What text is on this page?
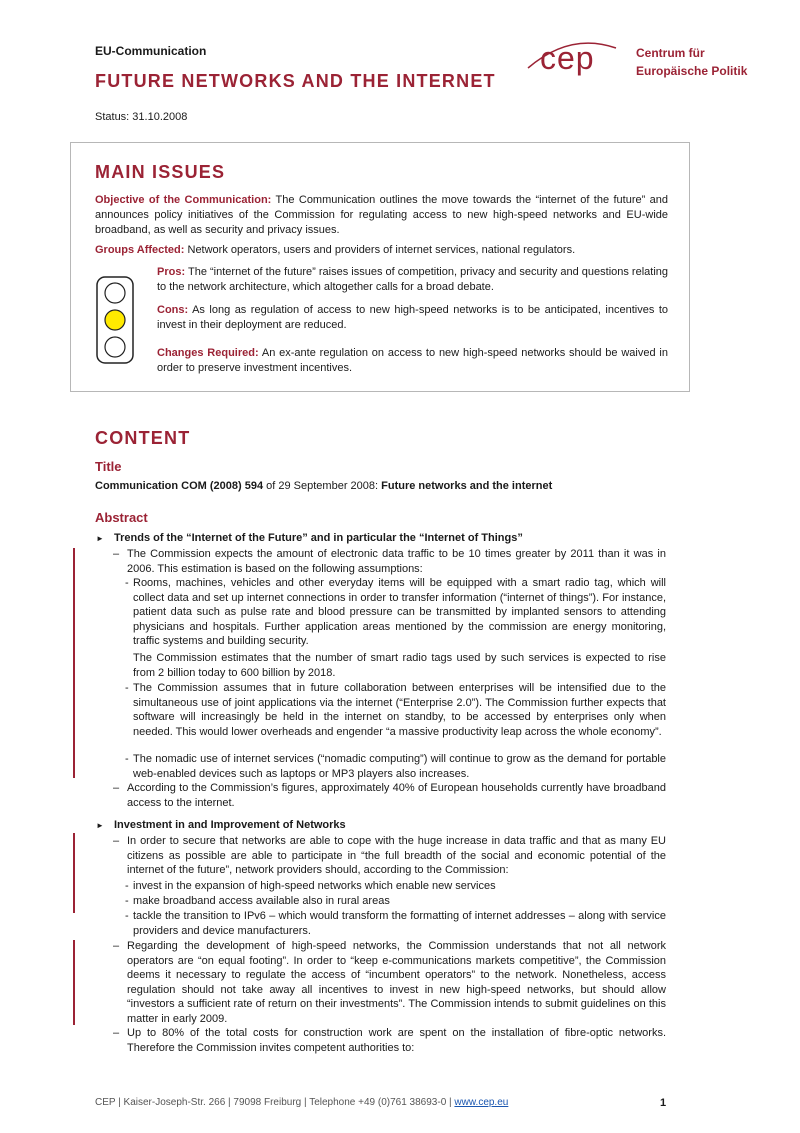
EU-Communication
FUTURE NETWORKS AND THE INTERNET
Status: 31.10.2008
cep	Centrum für
Europäische Politik
MAIN ISSUES
Objective of the Communication: The Communication outlines the move towards the “internet of the future” and announces policy initiatives of the Commission for regulating access to new high-speed networks and EU-wide broadband, as well as security and privacy issues.
Groups Affected: Network operators, users and providers of internet services, national regulators.
Pros: The “internet of the future” raises issues of competition, privacy and security and questions relating to the network architecture, which altogether calls for a broad debate.
Cons: As long as regulation of access to new high-speed networks is to be anticipated, incentives to invest in their deployment are reduced.
Changes Required: An ex-ante regulation on access to new high-speed networks should be waived in order to preserve investment incentives.
CONTENT
Title
Communication COM (2008) 594 of 29 September 2008: Future networks and the internet
Abstract
► Trends of the “Internet of the Future” and in particular the “Internet of Things”
– The Commission expects the amount of electronic data traffic to be 10 times greater by 2011 than it was in 2006. This estimation is based on the following assumptions:
- Rooms, machines, vehicles and other everyday items will be equipped with a smart radio tag, which will collect data and set up internet connections in order to transfer information (“internet of things”). For instance, patient data such as pulse rate and blood pressure can be transmitted by implanted sensors to attending physicians and hospitals. Further application areas mentioned by the commission are energy monitoring, traffic systems and building security.
The Commission estimates that the number of smart radio tags used by such services is expected to rise from 2 billion today to 600 billion by 2018.
- The Commission assumes that in future collaboration between enterprises will be intensified due to the simultaneous use of joint applications via the internet (“Enterprise 2.0”). The Commission further expects that software will increasingly be held in the internet on standby, to be accessed by enterprises only when needed. This would lower overheads and engender “a massive productivity leap across the whole economy”.
- The nomadic use of internet services (“nomadic computing”) will continue to grow as the demand for portable web-enabled devices such as laptops or MP3 players also increases.
– According to the Commission’s figures, approximately 40% of European households currently have broadband access to the internet.
► Investment in and Improvement of Networks
– In order to secure that networks are able to cope with the huge increase in data traffic and that as many EU citizens as possible are able to participate in “the full breadth of the social and economic potential of the internet of the future”, network providers should, according to the Commission:
- invest in the expansion of high-speed networks which enable new services
- make broadband access available also in rural areas
- tackle the transition to IPv6 – which would transform the formatting of internet addresses – along with service providers and device manufacturers.
– Regarding the development of high-speed networks, the Commission understands that not all network operators are “on equal footing”. In order to “keep e-communications markets competitive”, the Commission deems it necessary to regulate the access of “incumbent operators” to the network. Nonetheless, access regulation should not take away all incentives to invest in new high-speed networks, but should allow “investors a sufficient rate of return on their investments”. The Commission intends to submit guidelines on this matter in early 2009.
– Up to 80% of the total costs for construction work are spent on the installation of fibre-optic networks. Therefore the Commission invites competent authorities to:
CEP | Kaiser-Joseph-Str. 266 | 79098 Freiburg | Telephone +49 (0)761 38693-0 | www.cep.eu	1
